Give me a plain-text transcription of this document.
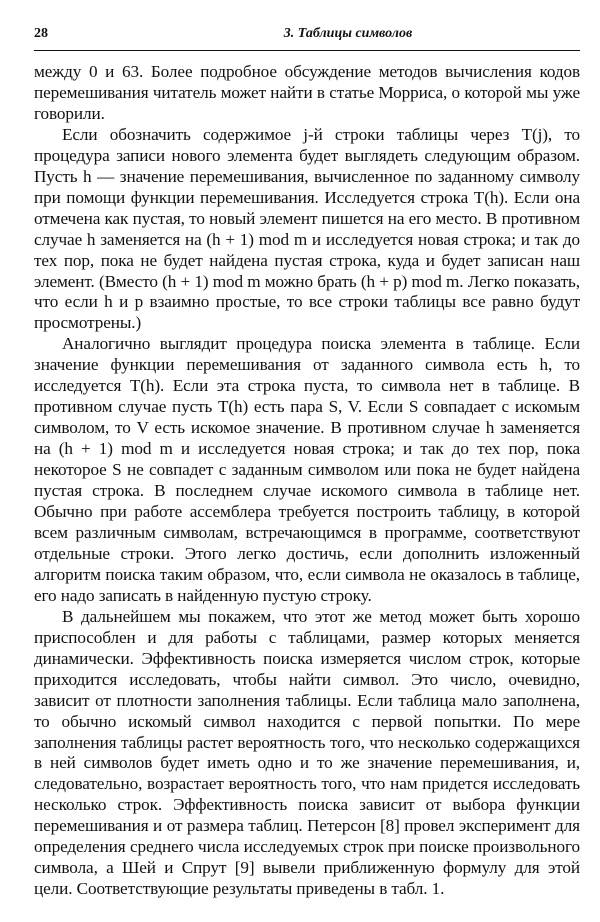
28	3. Таблицы символов

между 0 и 63. Более подробное обсуждение методов вычисления кодов перемешивания читатель может найти в статье Морриса, о которой мы уже говорили.

Если обозначить содержимое j-й строки таблицы через T(j), то процедура записи нового элемента будет выглядеть следующим образом. Пусть h — значение перемешивания, вычисленное по заданному символу при помощи функции перемешивания. Исследуется строка T(h). Если она отмечена как пустая, то новый элемент пишется на его место. В противном случае h заменяется на (h + 1) mod m и исследуется новая строка; и так до тех пор, пока не будет найдена пустая строка, куда и будет записан наш элемент. (Вместо (h + 1) mod m можно брать (h + p) mod m. Легко показать, что если h и p взаимно простые, то все строки таблицы все равно будут просмотрены.)

Аналогично выглядит процедура поиска элемента в таблице. Если значение функции перемешивания от заданного символа есть h, то исследуется T(h). Если эта строка пуста, то символа нет в таблице. В противном случае пусть T(h) есть пара S, V. Если S совпадает с искомым символом, то V есть искомое значение. В противном случае h заменяется на (h + 1) mod m и исследуется новая строка; и так до тех пор, пока некоторое S не совпадет с заданным символом или пока не будет найдена пустая строка. В последнем случае искомого символа в таблице нет. Обычно при работе ассемблера требуется построить таблицу, в которой всем различным символам, встречающимся в программе, соответствуют отдельные строки. Этого легко достичь, если дополнить изложенный алгоритм поиска таким образом, что, если символа не оказалось в таблице, его надо записать в найденную пустую строку.

В дальнейшем мы покажем, что этот же метод может быть хорошо приспособлен и для работы с таблицами, размер которых меняется динамически. Эффективность поиска измеряется числом строк, которые приходится исследовать, чтобы найти символ. Это число, очевидно, зависит от плотности заполнения таблицы. Если таблица мало заполнена, то обычно искомый символ находится с первой попытки. По мере заполнения таблицы растет вероятность того, что несколько содержащихся в ней символов будет иметь одно и то же значение перемешивания, и, следовательно, возрастает вероятность того, что нам придется исследовать несколько строк. Эффективность поиска зависит от выбора функции перемешивания и от размера таблиц. Петерсон [8] провел эксперимент для определения среднего числа исследуемых строк при поиске произвольного символа, а Шей и Спрут [9] вывели приближенную формулу для этой цели. Соответствующие результаты приведены в табл. 1.
